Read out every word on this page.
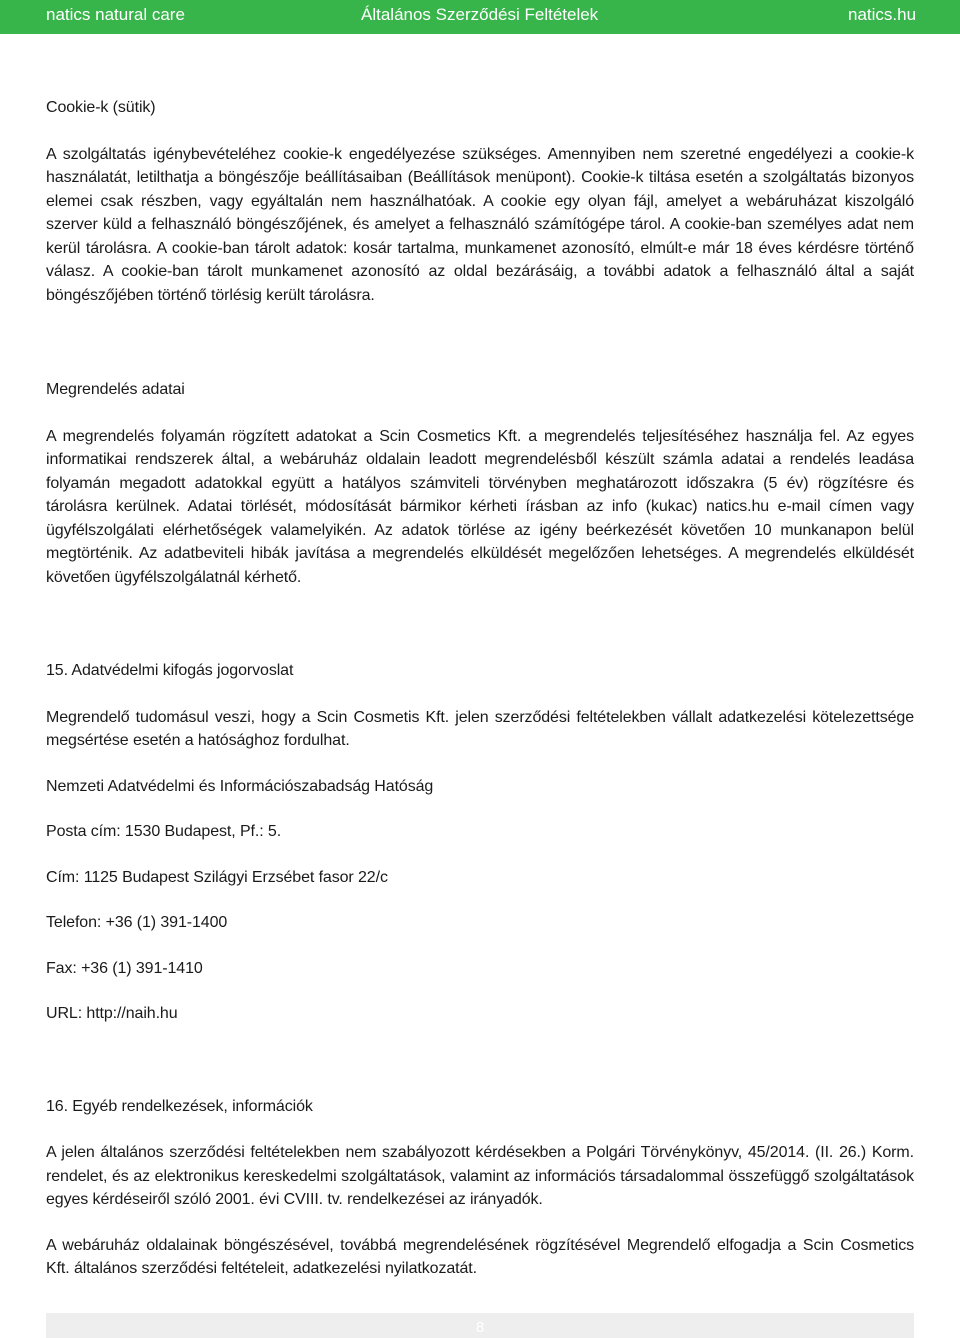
natics natural care	Általános Szerződési Feltételek	natics.hu

Cookie-k (sütik)

A szolgáltatás igénybevételéhez cookie-k engedélyezése szükséges. Amennyiben nem szeretné engedélyezi a cookie-k használatát, letilthatja a böngészője beállításaiban (Beállítások menüpont). Cookie-k tiltása esetén a szolgáltatás bizonyos elemei csak részben, vagy egyáltalán nem használhatóak. A cookie egy olyan fájl, amelyet a webáruházat kiszolgáló szerver küld a felhasználó böngészőjének, és amelyet a felhasználó számítógépe tárol. A cookie-ban személyes adat nem kerül tárolásra. A cookie-ban tárolt adatok: kosár tartalma, munkamenet azonosító, elmúlt-e már 18 éves kérdésre történő válasz. A cookie-ban tárolt munkamenet azonosító az oldal bezárásáig, a további adatok a felhasználó által a saját böngészőjében történő törlésig került tárolásra.

Megrendelés adatai

A megrendelés folyamán rögzített adatokat a Scin Cosmetics Kft. a megrendelés teljesítéséhez használja fel. Az egyes informatikai rendszerek által, a webáruház oldalain leadott megrendelésből készült számla adatai a rendelés leadása folyamán megadott adatokkal együtt a hatályos számviteli törvényben meghatározott időszakra (5 év) rögzítésre és tárolásra kerülnek. Adatai törlését, módosítását bármikor kérheti írásban az info (kukac) natics.hu e-mail címen vagy ügyfélszolgálati elérhetőségek valamelyikén. Az adatok törlése az igény beérkezését követően 10 munkanapon belül megtörténik. Az adatbeviteli hibák javítása a megrendelés elküldését megelőzően lehetséges. A megrendelés elküldését követően ügyfélszolgálatnál kérhető.

15. Adatvédelmi kifogás jogorvoslat

Megrendelő tudomásul veszi, hogy a Scin Cosmetis Kft. jelen szerződési feltételekben vállalt adatkezelési kötelezettsége megsértése esetén a hatósághoz fordulhat.

Nemzeti Adatvédelmi és Információszabadság Hatóság

Posta cím: 1530 Budapest, Pf.: 5.

Cím: 1125 Budapest Szilágyi Erzsébet fasor 22/c

Telefon: +36 (1) 391-1400

Fax: +36 (1) 391-1410

URL: http://naih.hu

16. Egyéb rendelkezések, információk

A jelen általános szerződési feltételekben nem szabályozott kérdésekben a Polgári Törvénykönyv, 45/2014. (II. 26.) Korm. rendelet, és az elektronikus kereskedelmi szolgáltatások, valamint az információs társadalommal összefüggő szolgáltatások egyes kérdéseiről szóló 2001. évi CVIII. tv. rendelkezései az irányadók.

A webáruház oldalainak böngészésével, továbbá megrendelésének rögzítésével Megrendelő elfogadja a Scin Cosmetics Kft. általános szerződési feltételeit, adatkezelési nyilatkozatát.

8
